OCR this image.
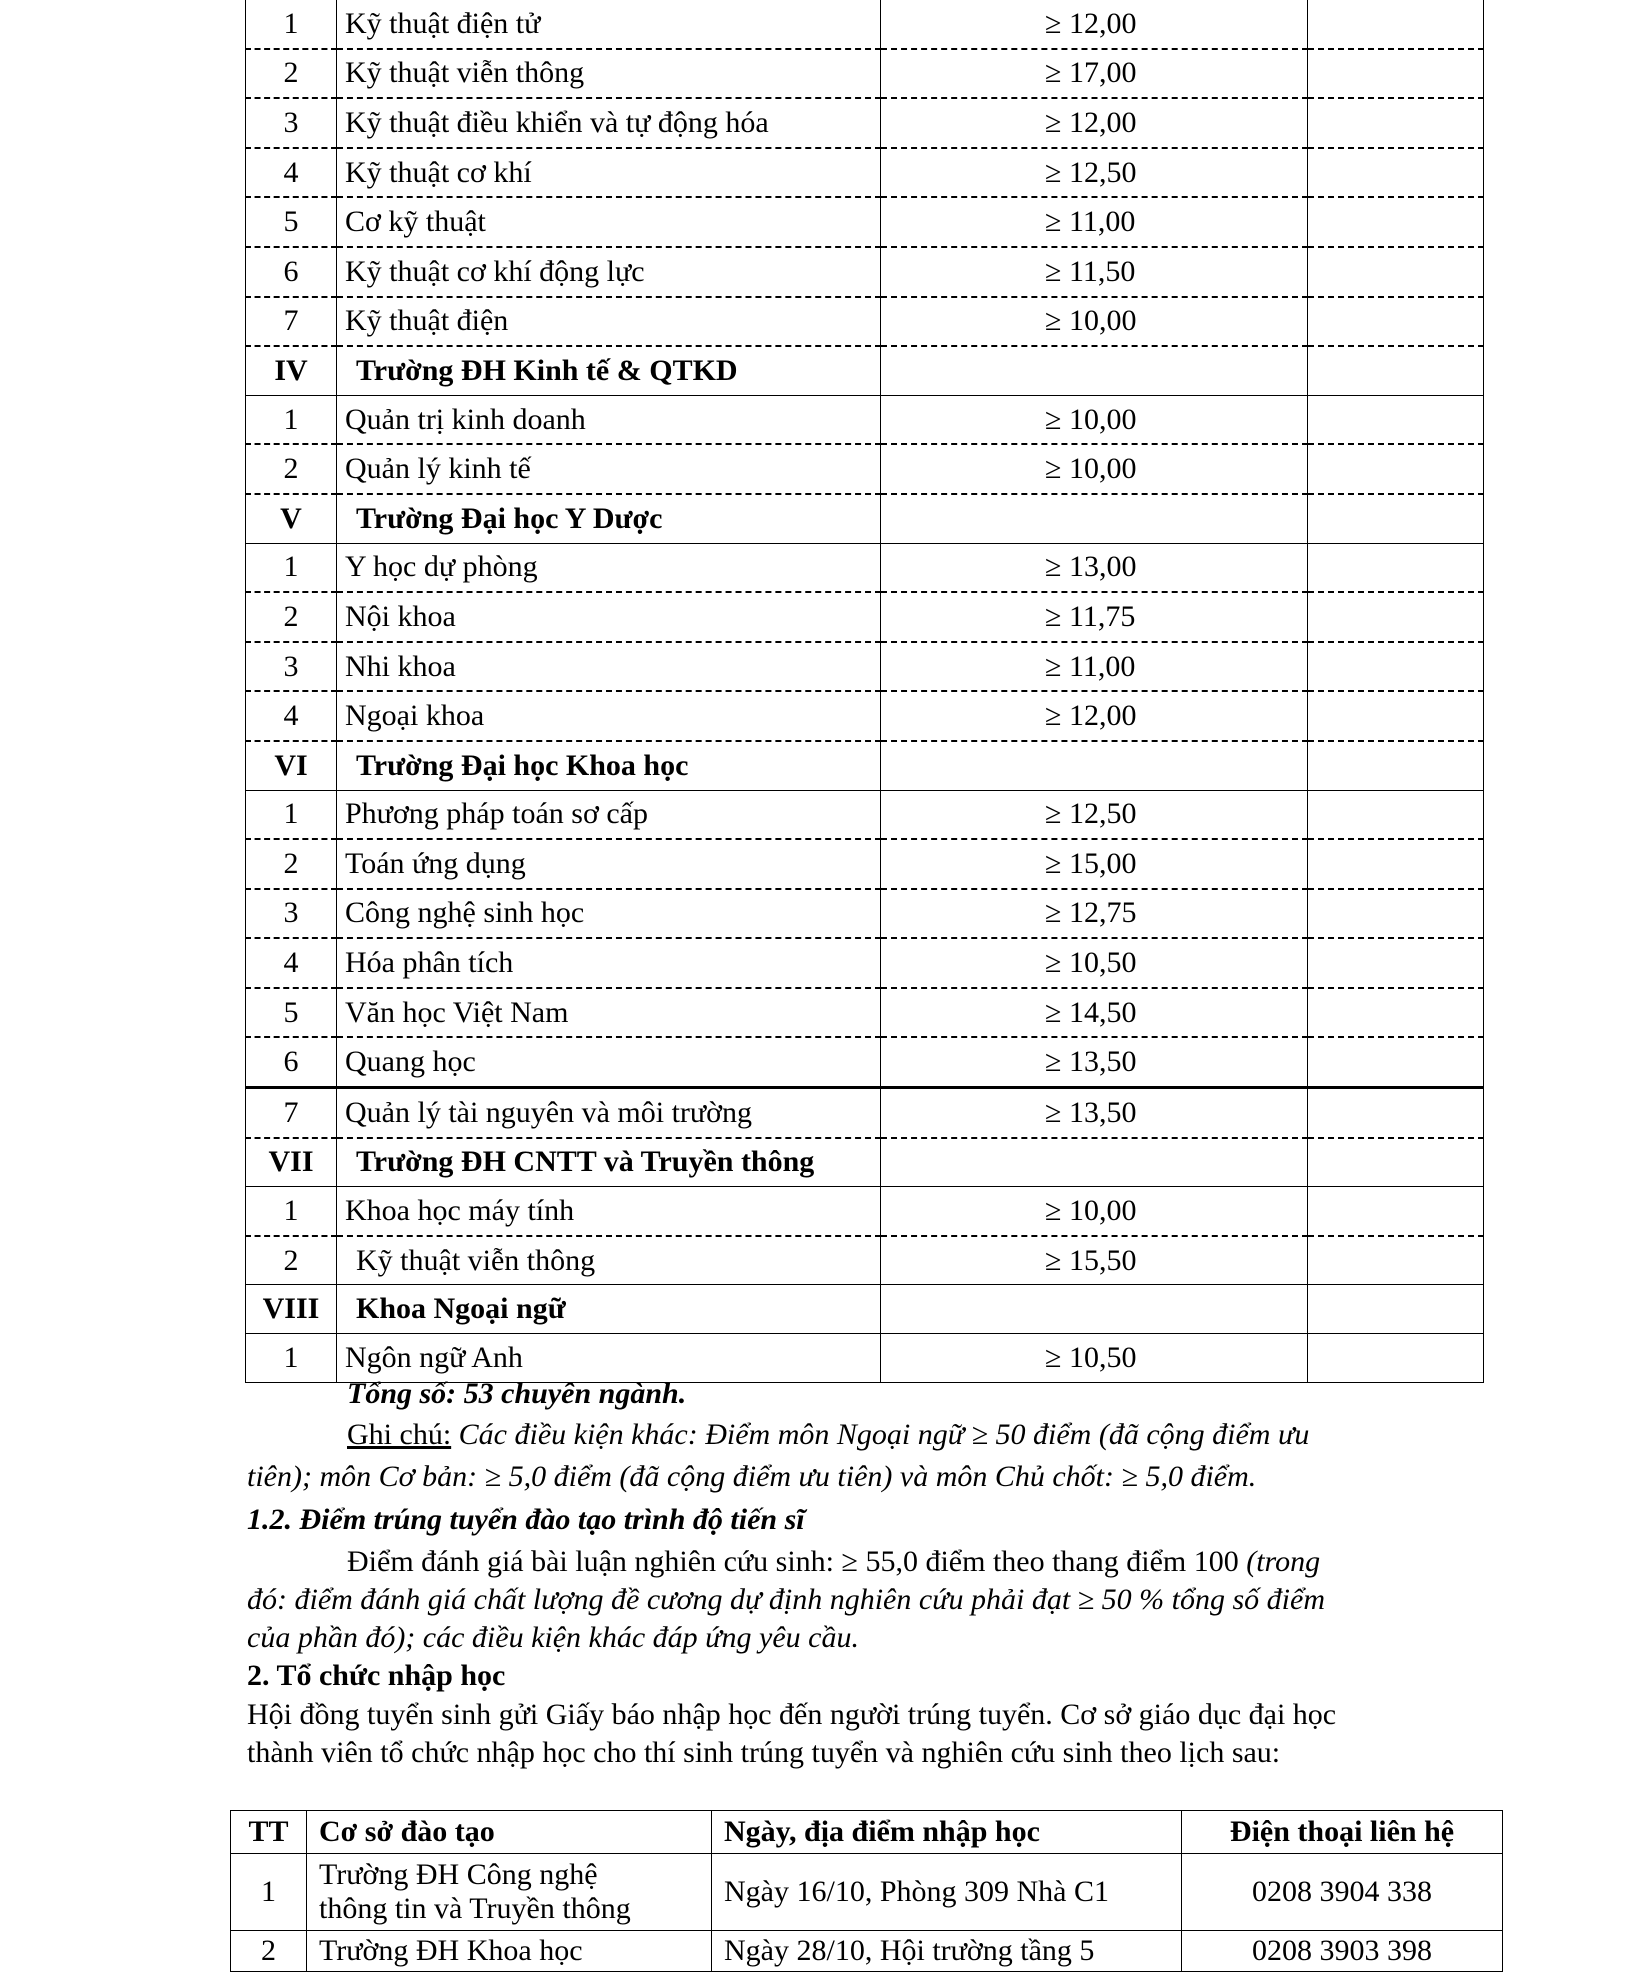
1	Kỹ thuật điện tử	≥ 12,00	
2	Kỹ thuật viễn thông	≥ 17,00	
3	Kỹ thuật điều khiển và tự động hóa	≥ 12,00	
4	Kỹ thuật cơ khí	≥ 12,50	
5	Cơ kỹ thuật	≥ 11,00	
6	Kỹ thuật cơ khí động lực	≥ 11,50	
7	Kỹ thuật điện	≥ 10,00	
IV	Trường ĐH Kinh tế & QTKD		
1	Quản trị kinh doanh	≥ 10,00	
2	Quản lý kinh tế	≥ 10,00	
V	Trường Đại học Y Dược		
1	Y học dự phòng	≥ 13,00	
2	Nội khoa	≥ 11,75	
3	Nhi khoa	≥ 11,00	
4	Ngoại khoa	≥ 12,00	
VI	Trường Đại học Khoa học		
1	Phương pháp toán sơ cấp	≥ 12,50	
2	Toán ứng dụng	≥ 15,00	
3	Công nghệ sinh học	≥ 12,75	
4	Hóa phân tích	≥ 10,50	
5	Văn học Việt Nam	≥ 14,50	
6	Quang học	≥ 13,50	
7	Quản lý tài nguyên và môi trường	≥ 13,50	
VII	Trường ĐH CNTT và Truyền thông		
1	Khoa học máy tính	≥ 10,00	
2	Kỹ thuật viễn thông	≥ 15,50	
VIII	Khoa Ngoại ngữ		
1	Ngôn ngữ Anh	≥ 10,50	

Tổng số: 53 chuyên ngành.

Ghi chú: Các điều kiện khác: Điểm môn Ngoại ngữ ≥ 50 điểm (đã cộng điểm ưu

tiên); môn Cơ bản: ≥ 5,0 điểm (đã cộng điểm ưu tiên) và môn Chủ chốt: ≥ 5,0 điểm.

1.2. Điểm trúng tuyển đào tạo trình độ tiến sĩ

Điểm đánh giá bài luận nghiên cứu sinh: ≥ 55,0 điểm theo thang điểm 100 (trong

đó: điểm đánh giá chất lượng đề cương dự định nghiên cứu phải đạt ≥ 50 % tổng số điểm

của phần đó); các điều kiện khác đáp ứng yêu cầu.

2. Tổ chức nhập học

Hội đồng tuyển sinh gửi Giấy báo nhập học đến người trúng tuyển. Cơ sở giáo dục đại học

thành viên tổ chức nhập học cho thí sinh trúng tuyển và nghiên cứu sinh theo lịch sau:

TT	Cơ sở đào tạo	Ngày, địa điểm nhập học	Điện thoại liên hệ
1	Trường ĐH Công nghệ
thông tin và Truyền thông	Ngày 16/10, Phòng 309 Nhà C1	0208 3904 338
2	Trường ĐH Khoa học	Ngày 28/10, Hội trường tầng 5	0208 3903 398
